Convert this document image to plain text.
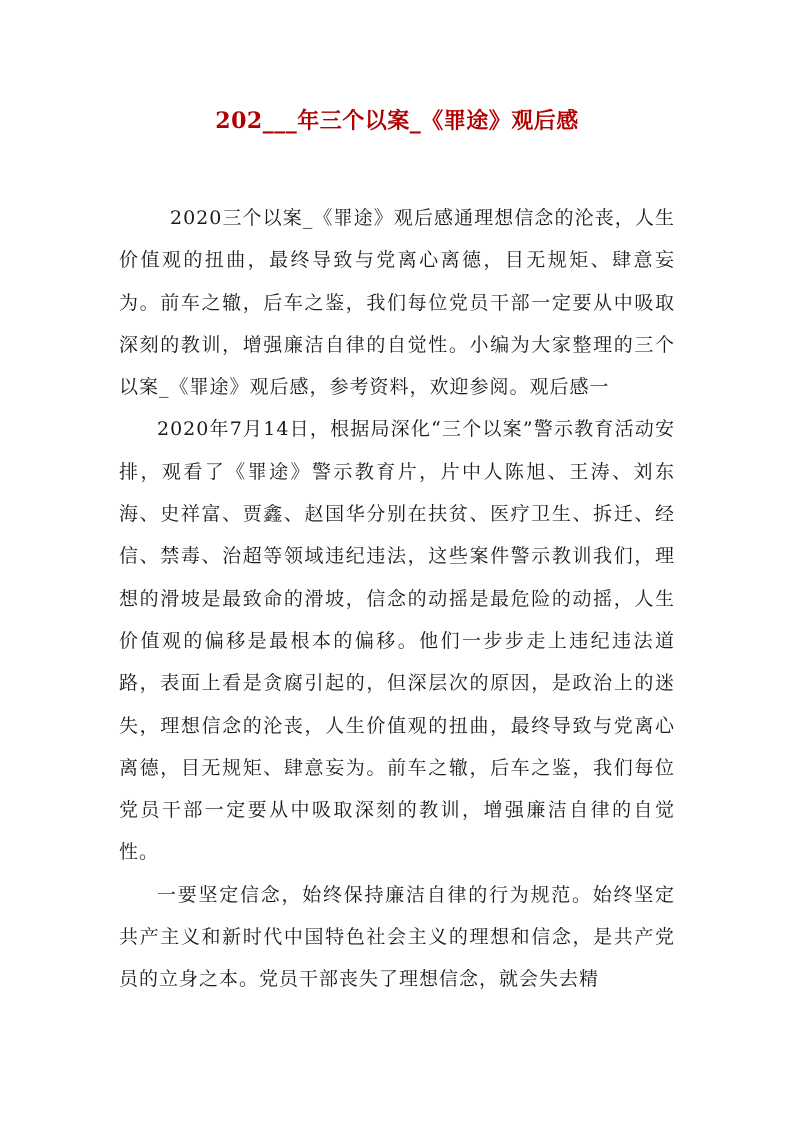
202___年三个以案_《罪途》观后感

2020三个以案_《罪途》观后感通理想信念的沦丧，人生价值观的扭曲，最终导致与党离心离德，目无规矩、肆意妄为。前车之辙，后车之鉴，我们每位党员干部一定要从中吸取深刻的教训，增强廉洁自律的自觉性。小编为大家整理的三个以案_《罪途》观后感，参考资料，欢迎参阅。观后感一

2020年7月14日，根据局深化“三个以案”警示教育活动安排，观看了《罪途》警示教育片，片中人陈旭、王涛、刘东海、史祥富、贾鑫、赵国华分别在扶贫、医疗卫生、拆迁、经信、禁毒、治超等领域违纪违法，这些案件警示教训我们，理想的滑坡是最致命的滑坡，信念的动摇是最危险的动摇，人生价值观的偏移是最根本的偏移。他们一步步走上违纪违法道路，表面上看是贪腐引起的，但深层次的原因，是政治上的迷失，理想信念的沦丧，人生价值观的扭曲，最终导致与党离心离德，目无规矩、肆意妄为。前车之辙，后车之鉴，我们每位党员干部一定要从中吸取深刻的教训，增强廉洁自律的自觉性。

一要坚定信念，始终保持廉洁自律的行为规范。始终坚定共产主义和新时代中国特色社会主义的理想和信念，是共产党员的立身之本。党员干部丧失了理想信念，就会失去精
